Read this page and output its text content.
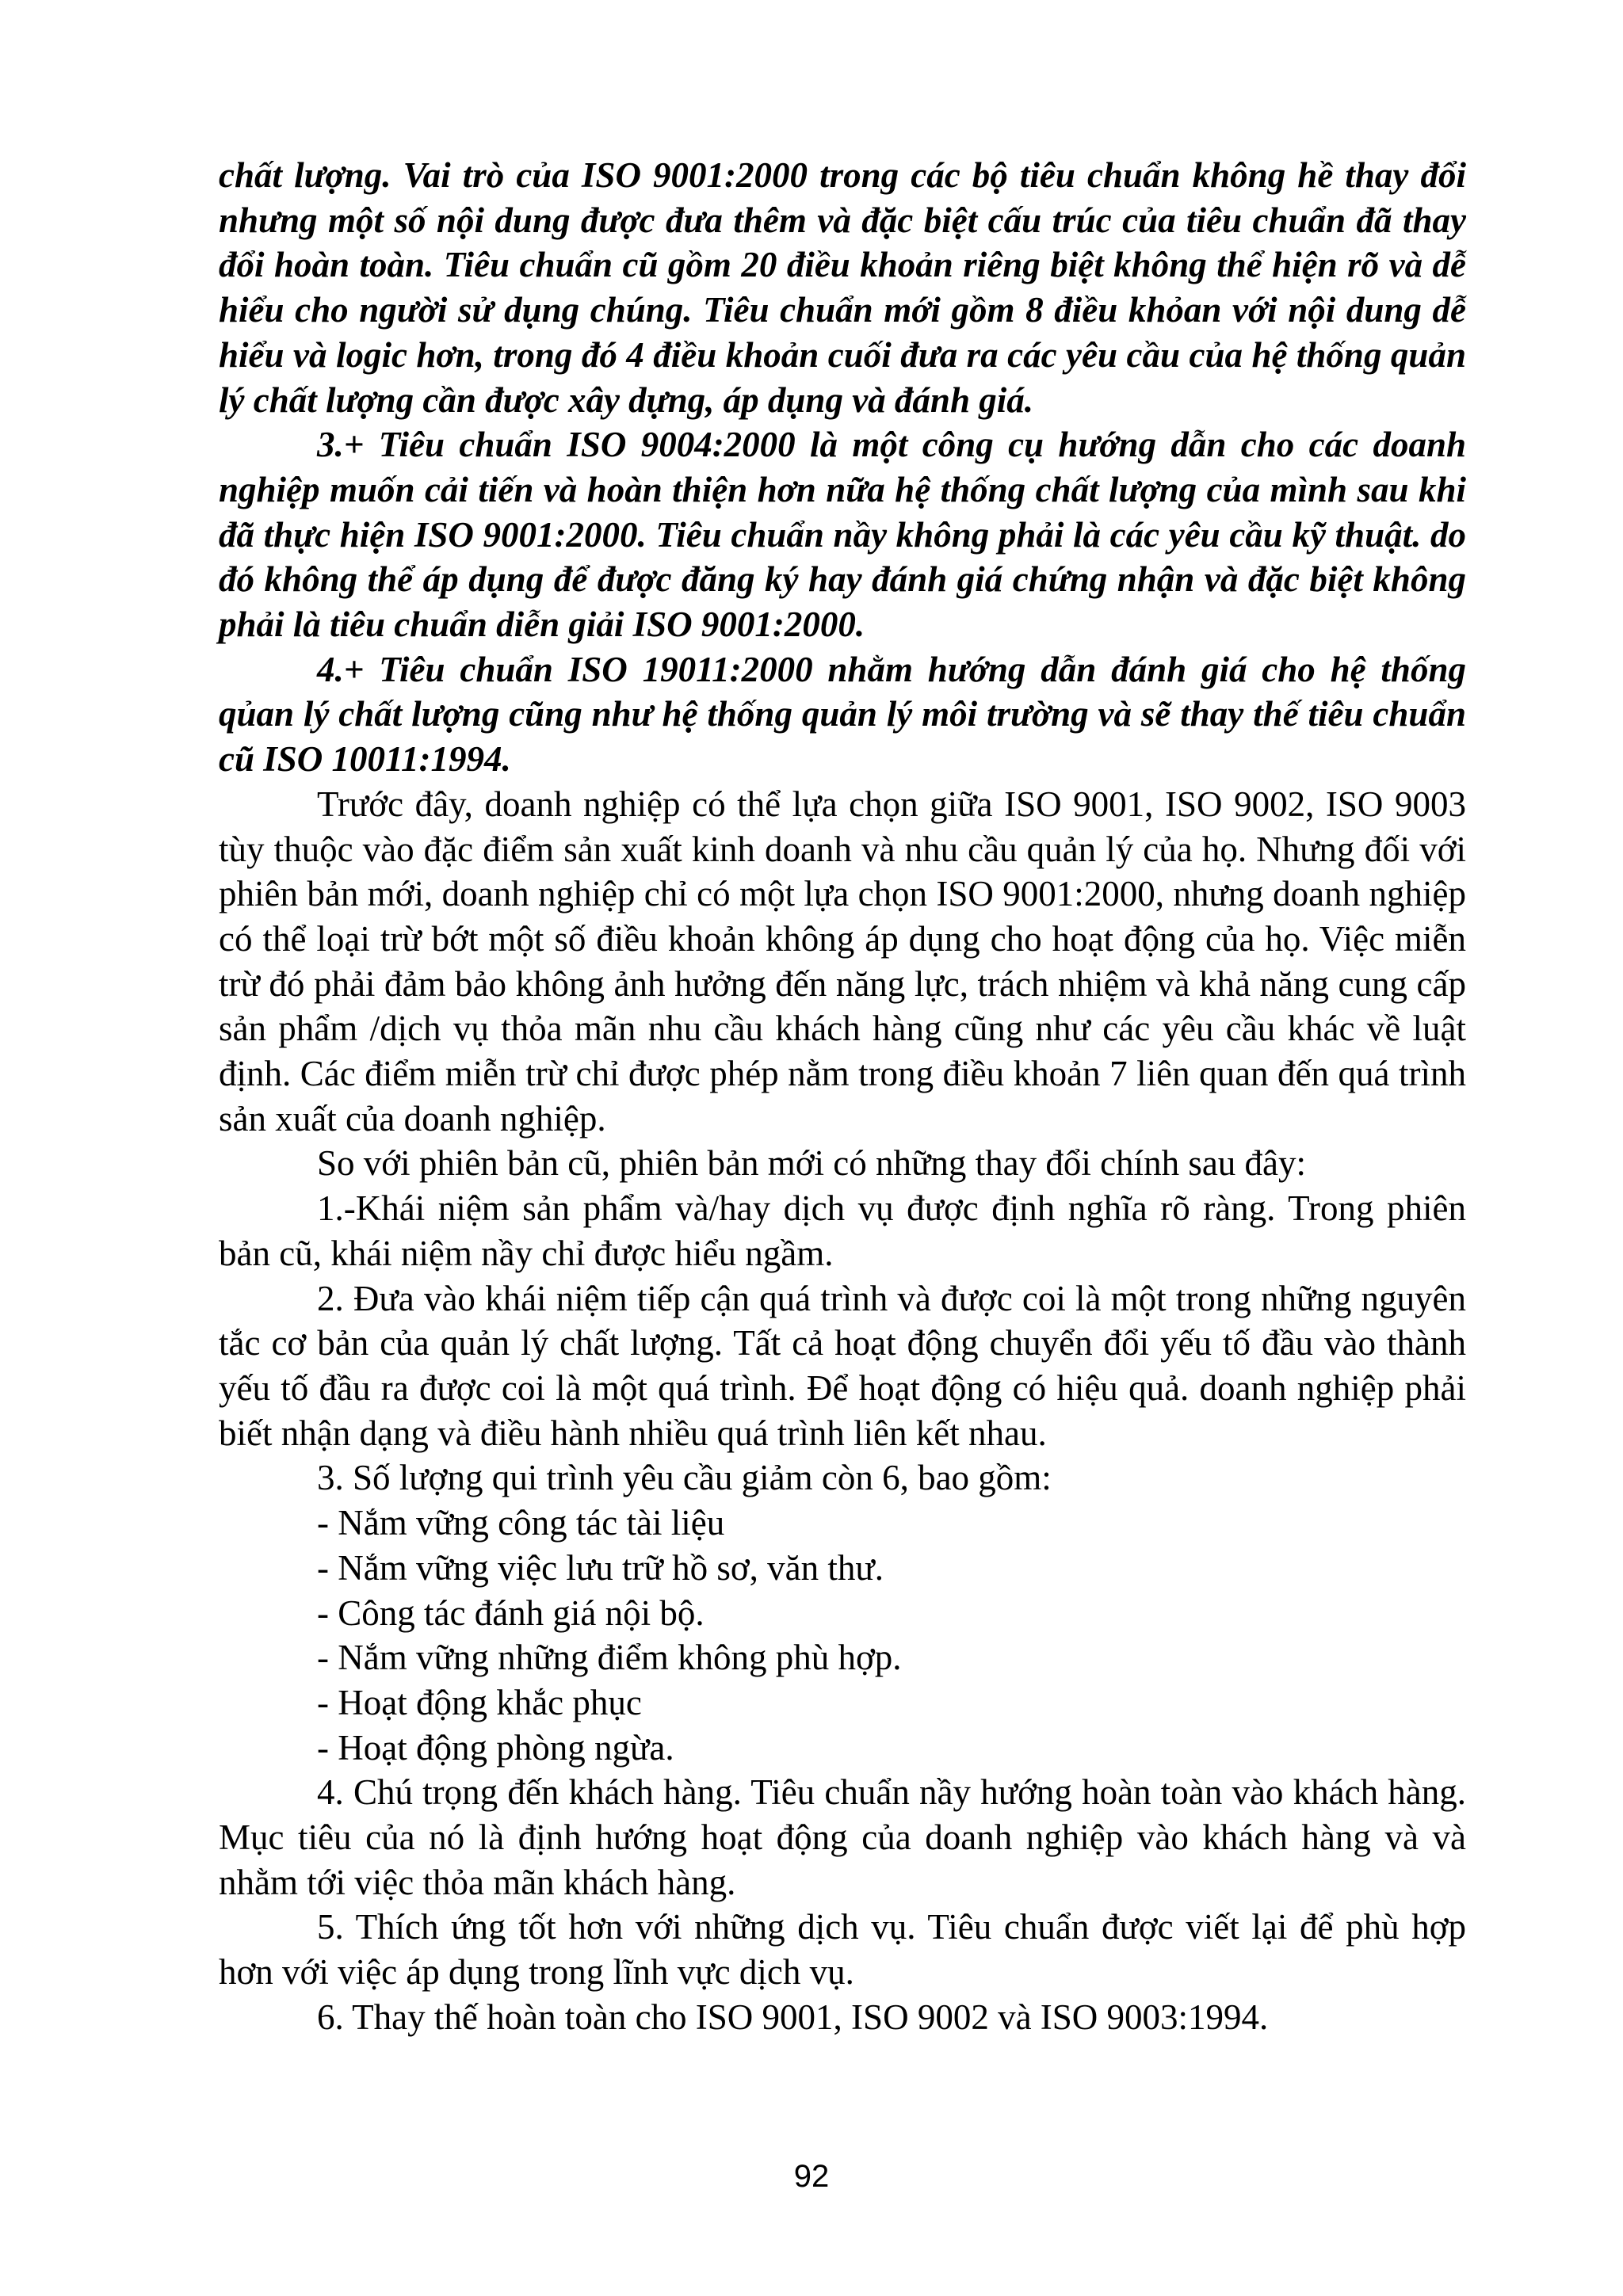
chất lượng. Vai trò của ISO 9001:2000 trong các bộ tiêu chuẩn không hề thay đổi nhưng một số nội dung được đưa thêm và đặc biệt cấu trúc của tiêu chuẩn đã thay đổi hoàn toàn. Tiêu chuẩn cũ gồm 20 điều khoản riêng biệt không thể hiện rõ và dễ hiểu cho người sử dụng chúng. Tiêu chuẩn mới gồm 8 điều khỏan với nội dung dễ hiểu và logic hơn, trong đó 4 điều khoản cuối đưa ra các yêu cầu của hệ thống quản lý chất lượng cần được xây dựng, áp dụng và đánh giá.

3.+ Tiêu chuẩn ISO 9004:2000 là một công cụ hướng dẫn cho các doanh nghiệp muốn cải tiến và hoàn thiện hơn nữa hệ thống chất lượng của mình sau khi đã thực hiện ISO 9001:2000. Tiêu chuẩn nầy không phải là các yêu cầu kỹ thuật. do đó không thể áp dụng để được đăng ký hay đánh giá chứng nhận và đặc biệt không phải là tiêu chuẩn diễn giải ISO 9001:2000.

4.+ Tiêu chuẩn ISO 19011:2000 nhằm hướng dẫn đánh giá cho hệ thống qủan lý chất lượng cũng như hệ thống quản lý môi trường và sẽ thay thế tiêu chuẩn cũ ISO 10011:1994.

Trước đây, doanh nghiệp có thể lựa chọn giữa ISO 9001, ISO 9002, ISO 9003 tùy thuộc vào đặc điểm sản xuất kinh doanh và nhu cầu quản lý của họ. Nhưng đối với phiên bản mới, doanh nghiệp chỉ có một lựa chọn ISO 9001:2000, nhưng doanh nghiệp có thể loại trừ bớt một số điều khoản không áp dụng cho hoạt động của họ. Việc miễn trừ đó phải đảm bảo không ảnh hưởng đến năng lực, trách nhiệm và khả năng cung cấp sản phẩm /dịch vụ thỏa mãn nhu cầu khách hàng cũng như các yêu cầu khác về luật định. Các điểm miễn trừ chỉ được phép nằm trong điều khoản 7 liên quan đến quá trình sản xuất của doanh nghiệp.

So với phiên bản cũ, phiên bản mới có những thay đổi chính sau đây:

1.-Khái niệm sản phẩm và/hay dịch vụ được định nghĩa rõ ràng. Trong phiên bản cũ, khái niệm nầy chỉ được hiểu ngầm.

2. Đưa vào khái niệm tiếp cận quá trình và được coi là một trong những nguyên tắc cơ bản của quản lý chất lượng. Tất cả hoạt động chuyển đổi yếu tố đầu vào thành yếu tố đầu ra được coi là một quá trình. Để hoạt động có hiệu quả. doanh nghiệp phải biết nhận dạng và điều hành nhiều quá trình liên kết nhau.

3. Số lượng qui trình yêu cầu giảm còn 6, bao gồm:

- Nắm vững công tác tài liệu

- Nắm vững việc lưu trữ hồ sơ, văn thư.

- Công tác đánh giá nội bộ.

- Nắm vững những điểm không phù hợp.

- Hoạt động khắc phục

- Hoạt động phòng ngừa.

4. Chú trọng đến khách hàng. Tiêu chuẩn nầy hướng hoàn toàn vào khách hàng. Mục tiêu của nó là định hướng hoạt động của doanh nghiệp vào khách hàng và và nhằm tới việc thỏa mãn khách hàng.

5. Thích ứng tốt hơn với những dịch vụ. Tiêu chuẩn được viết lại để phù hợp hơn với việc áp dụng trong lĩnh vực dịch vụ.

6. Thay thế hoàn toàn cho ISO 9001, ISO 9002 và ISO 9003:1994.

92
